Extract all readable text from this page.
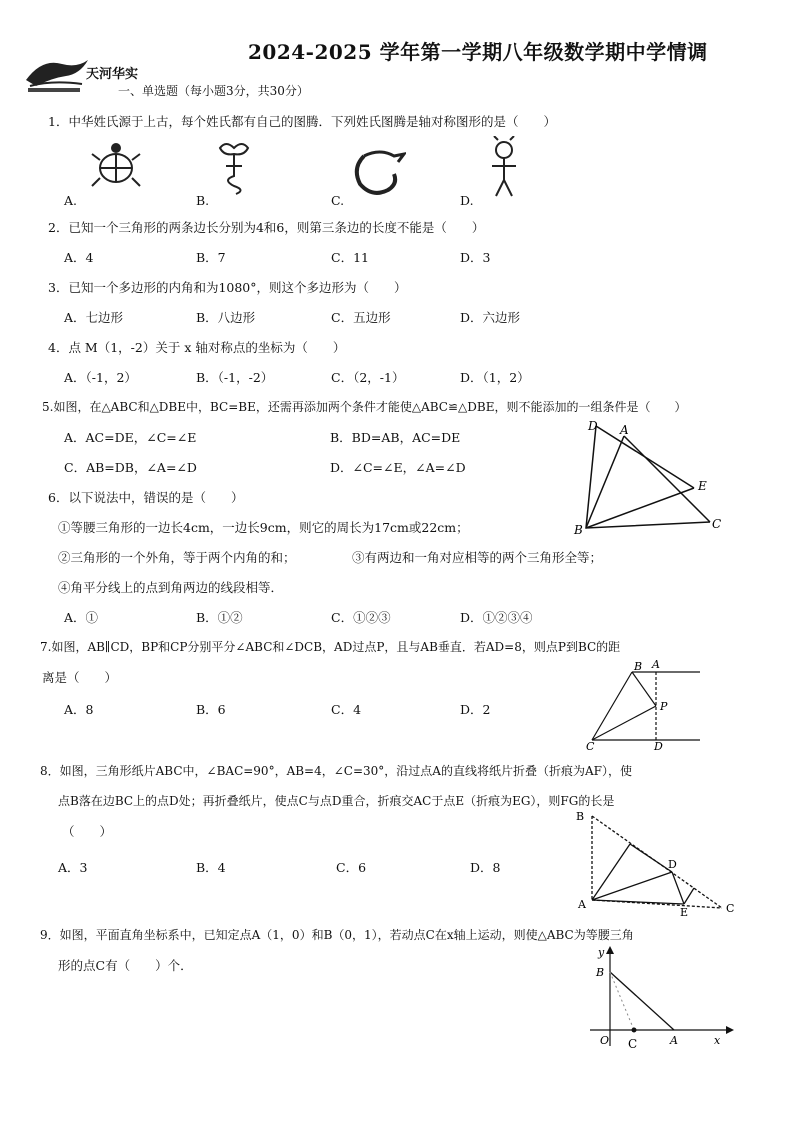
2024-2025 学年第一学期八年级数学期中学情调
天河华实
一、单选题（每小题3分，共30分）
1．中华姓氏源于上古，每个姓氏都有自己的图腾．下列姓氏图腾是轴对称图形的是（　　）
A.	B.	C.	D.
2．已知一个三角形的两条边长分别为4和6，则第三条边的长度不能是（　　）
A．4	B．7	C．11	D．3
3．已知一个多边形的内角和为1080°，则这个多边形为（　　）
A．七边形	B．八边形	C．五边形	D．六边形
4．点 M（1，-2）关于 x 轴对称点的坐标为（　　）
A．（-1，2）	B．（-1，-2）	C．（2，-1）	D．（1，2）
5.如图，在△ABC和△DBE中，BC=BE，还需再添加两个条件才能使△ABC≌△DBE，则不能添加的一组条件是（　　）
A．AC=DE，∠C=∠E	B．BD=AB，AC=DE
C．AB=DB，∠A=∠D	D．∠C=∠E，∠A=∠D
D A
E
B	C
6．以下说法中，错误的是（　　）
①等腰三角形的一边长4cm，一边长9cm，则它的周长为17cm或22cm；
②三角形的一个外角，等于两个内角的和；	③有两边和一角对应相等的两个三角形全等；
④角平分线上的点到角两边的线段相等．
A．①	B．①②	C．①②③	D．①②③④
7.如图，AB∥CD，BP和CP分别平分∠ABC和∠DCB，AD过点P，且与AB垂直．若AD=8，则点P到BC的距
离是（　　）
A．8	B．6	C．4	D．2
B A
P
C	D
8．如图，三角形纸片ABC中，∠BAC=90°，AB=4，∠C=30°，沿过点A的直线将纸片折叠（折痕为AF），使
点B落在边BC上的点D处；再折叠纸片，使点C与点D重合，折痕交AC于点E（折痕为EG），则FG的长是
（　　）
A．3	B．4	C．6	D．8
B
D
A
E	C
9．如图，平面直角坐标系中，已知定点A（1，0）和B（0，1），若动点C在x轴上运动，则使△ABC为等腰三角
形的点C有（　　）个．
y
B
O C	A	x
